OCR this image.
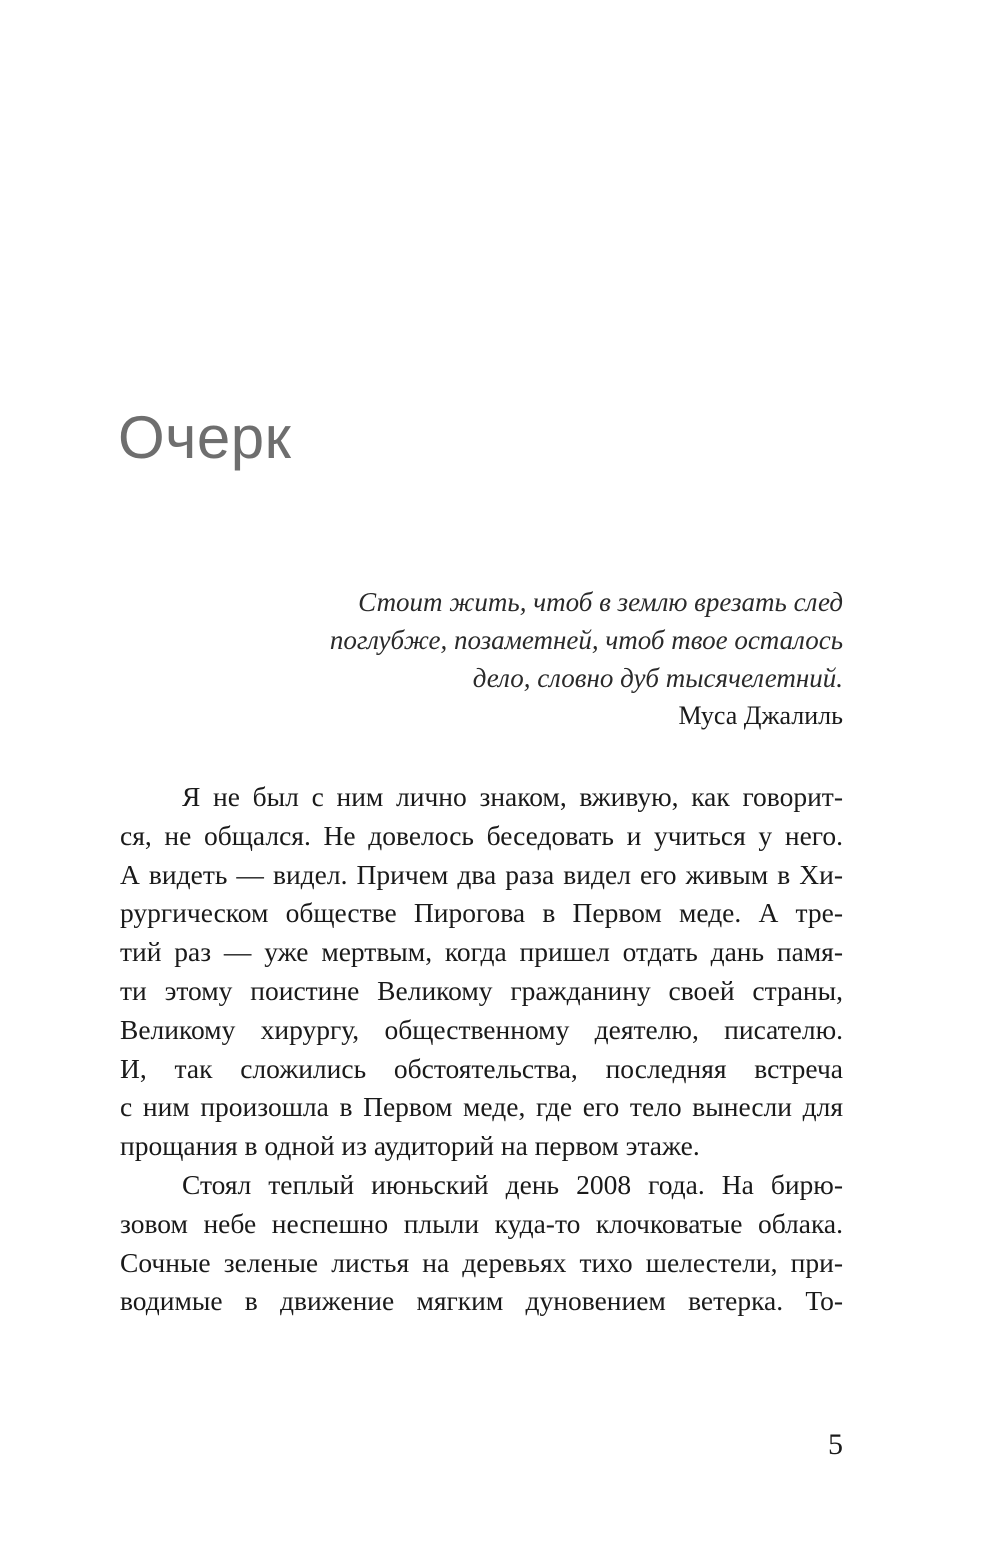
Очерк
Стоит жить, чтоб в землю врезать след
поглубже, позаметней, чтоб твое осталось
дело, словно дуб тысячелетний.
Муса Джалиль
Я не был с ним лично знаком, вживую, как говорит-
ся, не общался. Не довелось беседовать и учиться у него.
А видеть — видел. Причем два раза видел его живым в Хи-
рургическом обществе Пирогова в Первом меде. А тре-
тий раз — уже мертвым, когда пришел отдать дань памя-
ти этому поистине Великому гражданину своей страны,
Великому хирургу, общественному деятелю, писателю.
И, так сложились обстоятельства, последняя встреча
с ним произошла в Первом меде, где его тело вынесли для
прощания в одной из аудиторий на первом этаже.
Стоял теплый июньский день 2008 года. На бирю-
зовом небе неспешно плыли куда-то клочковатые облака.
Сочные зеленые листья на деревьях тихо шелестели, при-
водимые в движение мягким дуновением ветерка. То-
5
